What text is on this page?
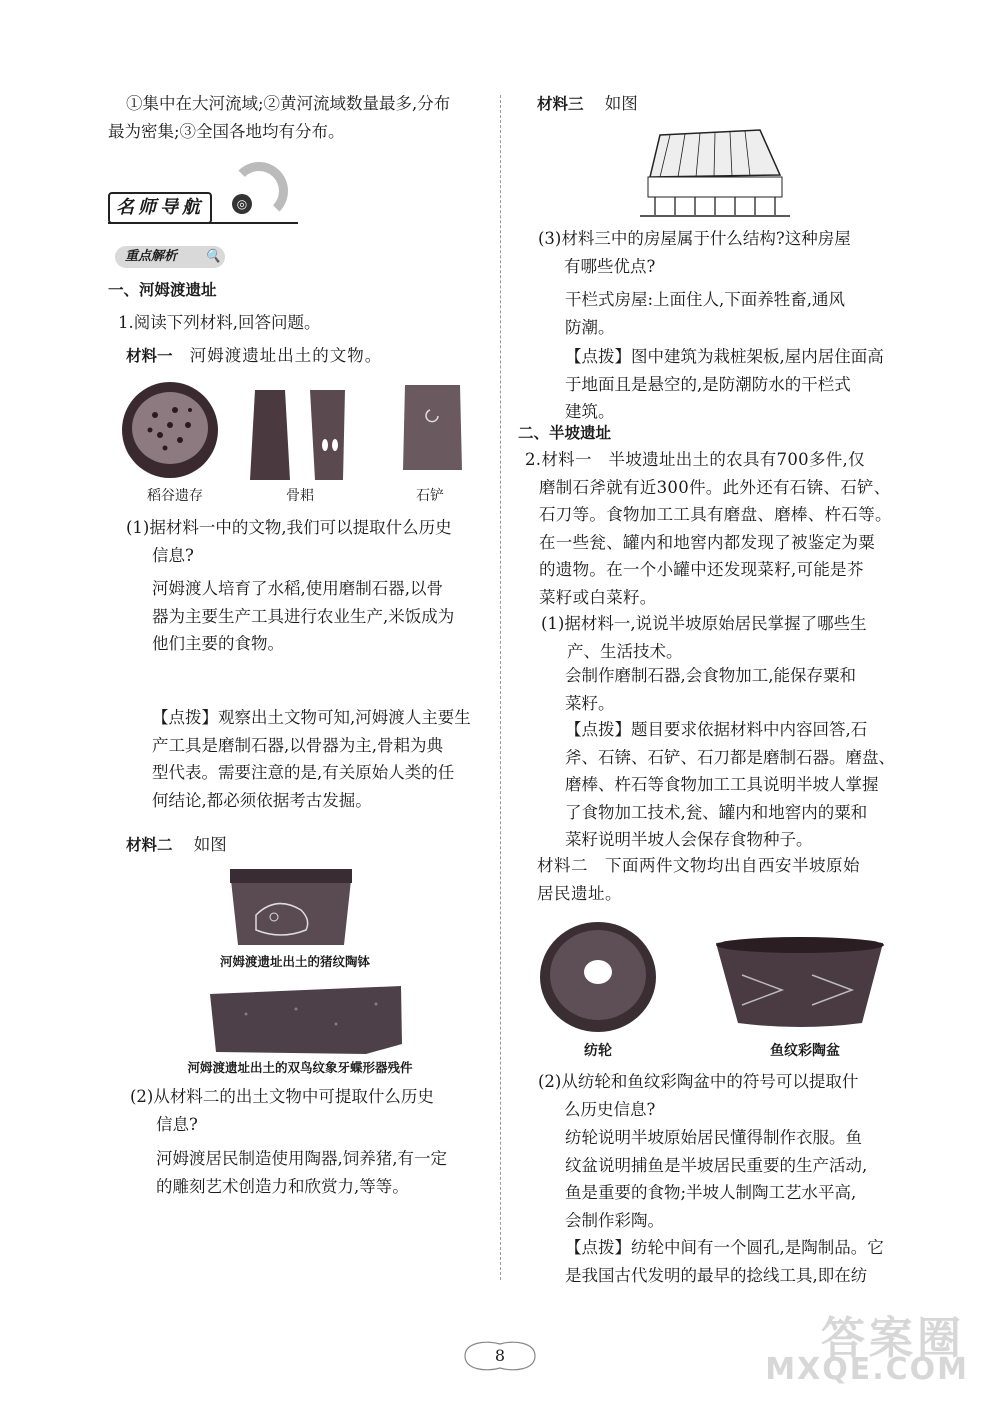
①集中在大河流域;②黄河流域数量最多,分布

最为密集;③全国各地均有分布。

名师导航	◎
重点解析 🔍

一、河姆渡遗址

1.阅读下列材料,回答问题。

材料一 河姆渡遗址出土的文物。

稻谷遗存	骨耜	石铲

(1)据材料一中的文物,我们可以提取什么历史
信息?

河姆渡人培育了水稻,使用磨制石器,以骨
器为主要生产工具进行农业生产,米饭成为
他们主要的食物。

【点拨】观察出土文物可知,河姆渡人主要生
产工具是磨制石器,以骨器为主,骨耜为典
型代表。需要注意的是,有关原始人类的任
何结论,都必须依据考古发掘。

材料二 如图

河姆渡遗址出土的猪纹陶钵
河姆渡遗址出土的双鸟纹象牙蝶形器残件

(2)从材料二的出土文物中可提取什么历史
信息?

河姆渡居民制造使用陶器,饲养猪,有一定
的雕刻艺术创造力和欣赏力,等等。

材料三 如图

(3)材料三中的房屋属于什么结构?这种房屋
有哪些优点?

干栏式房屋:上面住人,下面养牲畜,通风
防潮。

【点拨】图中建筑为栽桩架板,屋内居住面高
于地面且是悬空的,是防潮防水的干栏式
建筑。

二、半坡遗址

2.材料一　半坡遗址出土的农具有700多件,仅
磨制石斧就有近300件。此外还有石锛、石铲、
石刀等。食物加工工具有磨盘、磨棒、杵石等。
在一些瓮、罐内和地窖内都发现了被鉴定为粟
的遗物。在一个小罐中还发现菜籽,可能是芥
菜籽或白菜籽。

(1)据材料一,说说半坡原始居民掌握了哪些生
产、生活技术。

会制作磨制石器,会食物加工,能保存粟和
菜籽。

【点拨】题目要求依据材料中内容回答,石
斧、石锛、石铲、石刀都是磨制石器。磨盘、
磨棒、杵石等食物加工工具说明半坡人掌握
了食物加工技术,瓮、罐内和地窖内的粟和
菜籽说明半坡人会保存食物种子。

材料二　下面两件文物均出自西安半坡原始
居民遗址。

纺轮	鱼纹彩陶盆

(2)从纺轮和鱼纹彩陶盆中的符号可以提取什
么历史信息?

纺轮说明半坡原始居民懂得制作衣服。鱼
纹盆说明捕鱼是半坡居民重要的生产活动,
鱼是重要的食物;半坡人制陶工艺水平高,
会制作彩陶。

【点拨】纺轮中间有一个圆孔,是陶制品。它
是我国古代发明的最早的捻线工具,即在纺

8	答案圈
MXQE.COM
